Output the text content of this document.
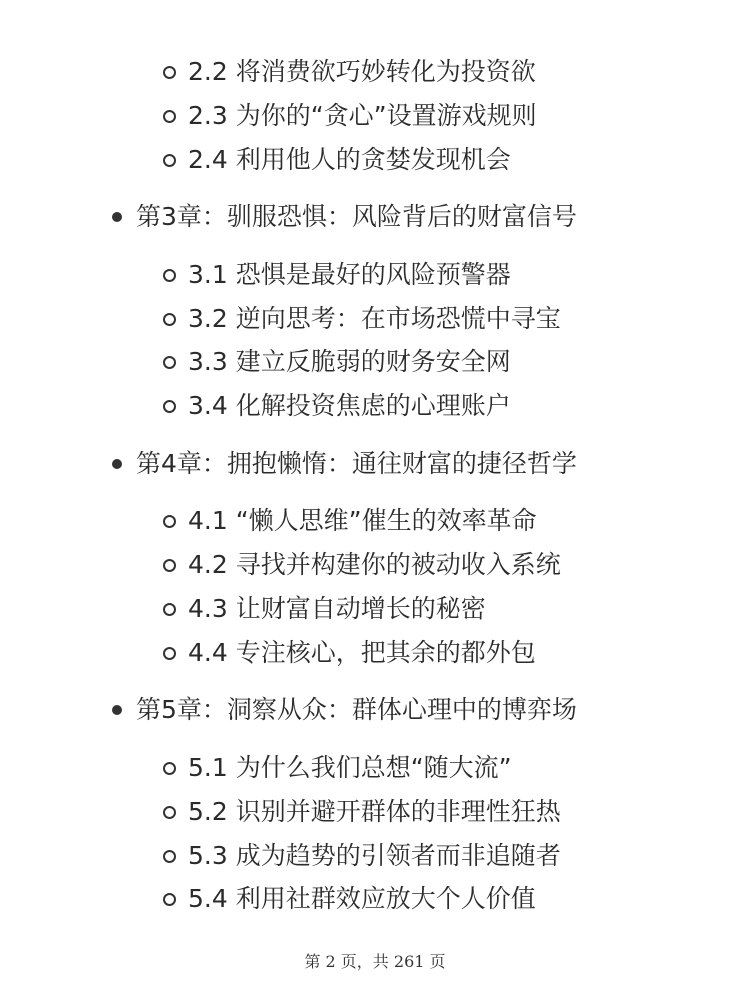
2.2 将消费欲巧妙转化为投资欲
2.3 为你的“贪心”设置游戏规则
2.4 利用他人的贪婪发现机会
第3章：驯服恐惧：风险背后的财富信号
3.1 恐惧是最好的风险预警器
3.2 逆向思考：在市场恐慌中寻宝
3.3 建立反脆弱的财务安全网
3.4 化解投资焦虑的心理账户
第4章：拥抱懒惰：通往财富的捷径哲学
4.1 “懒人思维”催生的效率革命
4.2 寻找并构建你的被动收入系统
4.3 让财富自动增长的秘密
4.4 专注核心，把其余的都外包
第5章：洞察从众：群体心理中的博弈场
5.1 为什么我们总想“随大流”
5.2 识别并避开群体的非理性狂热
5.3 成为趋势的引领者而非追随者
5.4 利用社群效应放大个人价值
第 2 页，共 261 页
